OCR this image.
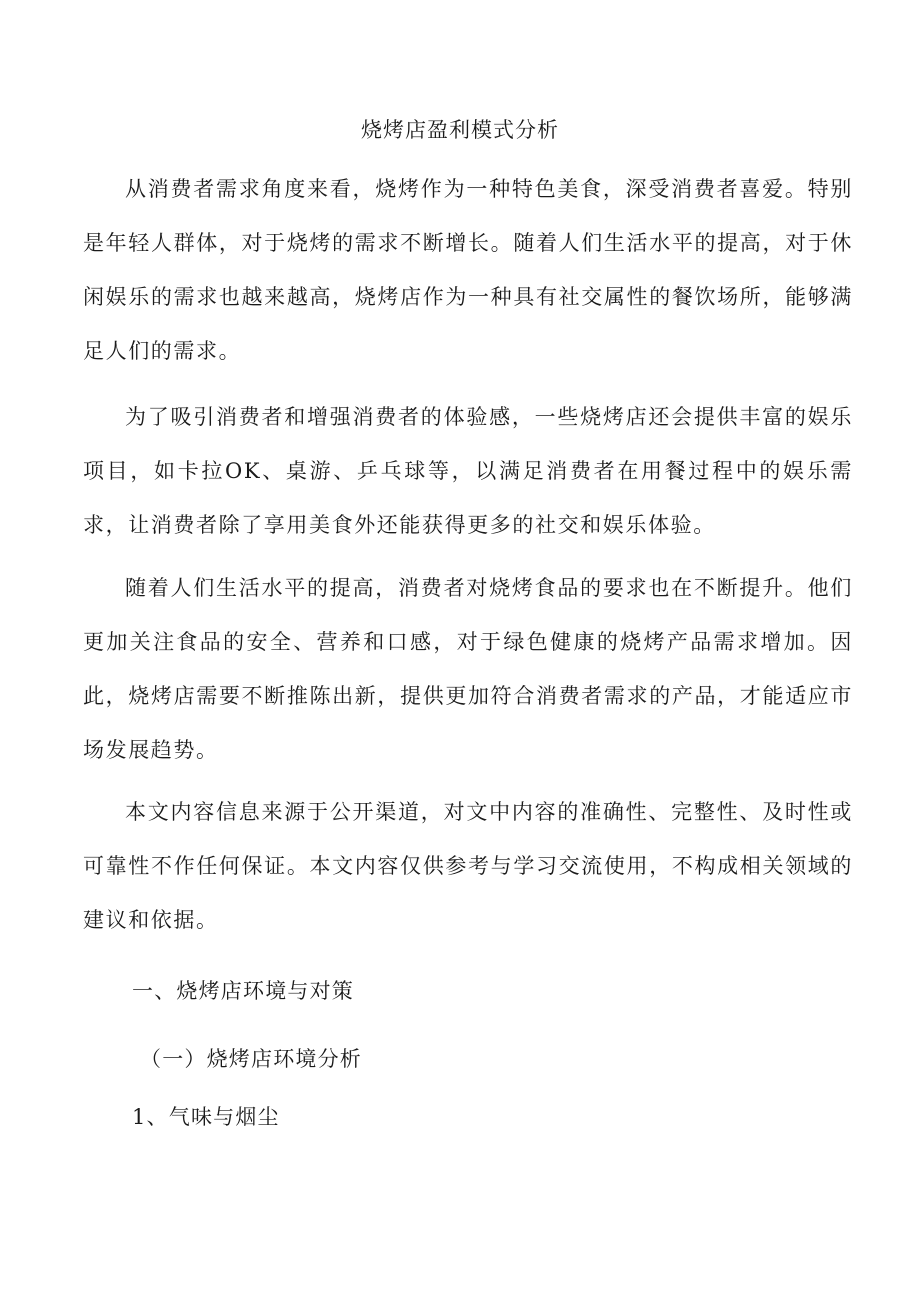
烧烤店盈利模式分析

从消费者需求角度来看，烧烤作为一种特色美食，深受消费者喜爱。特别是年轻人群体，对于烧烤的需求不断增长。随着人们生活水平的提高，对于休闲娱乐的需求也越来越高，烧烤店作为一种具有社交属性的餐饮场所，能够满足人们的需求。

为了吸引消费者和增强消费者的体验感，一些烧烤店还会提供丰富的娱乐项目，如卡拉OK、桌游、乒乓球等，以满足消费者在用餐过程中的娱乐需求，让消费者除了享用美食外还能获得更多的社交和娱乐体验。

随着人们生活水平的提高，消费者对烧烤食品的要求也在不断提升。他们更加关注食品的安全、营养和口感，对于绿色健康的烧烤产品需求增加。因此，烧烤店需要不断推陈出新，提供更加符合消费者需求的产品，才能适应市场发展趋势。

本文内容信息来源于公开渠道，对文中内容的准确性、完整性、及时性或可靠性不作任何保证。本文内容仅供参考与学习交流使用，不构成相关领域的建议和依据。

一、烧烤店环境与对策
（一）烧烤店环境分析
1、气味与烟尘
